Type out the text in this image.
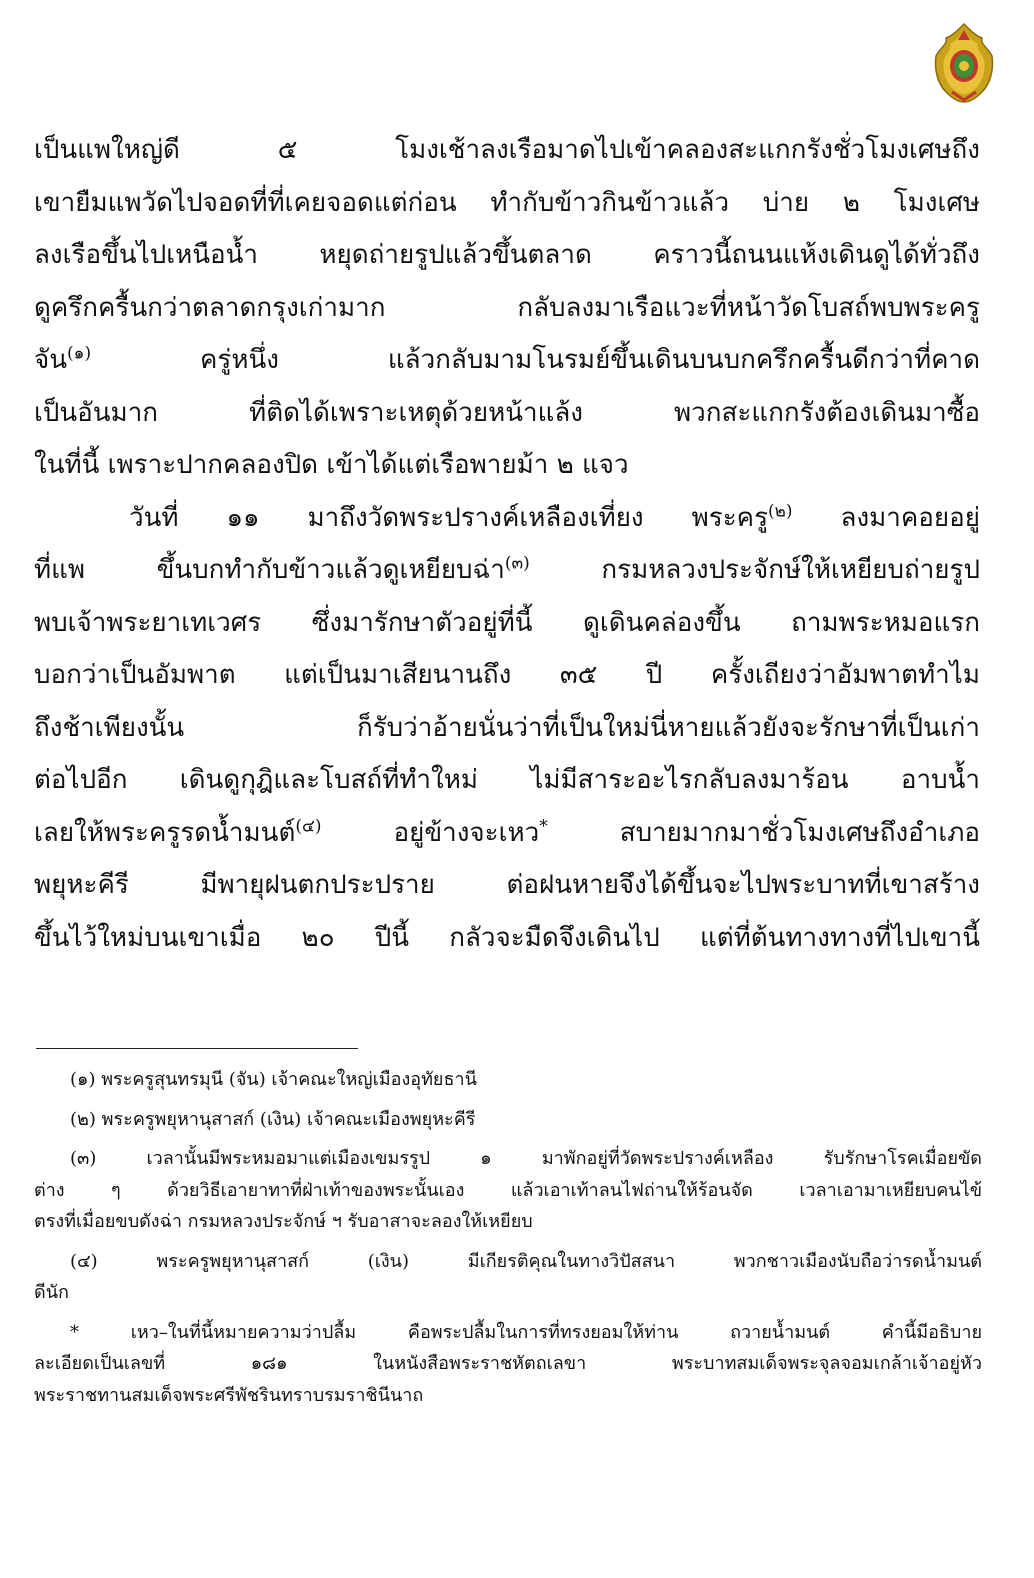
เป็นแพใหญ่ดี ๕ โมงเช้าลงเรือมาดไปเข้าคลองสะแกกรังชั่วโมงเศษถึง
เขายืมแพวัดไปจอดที่ที่เคยจอดแต่ก่อน ทำกับข้าวกินข้าวแล้ว บ่าย ๒ โมงเศษ
ลงเรือขึ้นไปเหนือน้ำ หยุดถ่ายรูปแล้วขึ้นตลาด คราวนี้ถนนแห้งเดินดูได้ทั่วถึง
ดูครึกครื้นกว่าตลาดกรุงเก่ามาก กลับลงมาเรือแวะที่หน้าวัดโบสถ์พบพระครู
จัน$^{(๑)}$ ครู่หนึ่ง แล้วกลับมามโนรมย์ขึ้นเดินบนบกครึกครื้นดีกว่าที่คาด
เป็นอันมาก ที่ติดได้เพราะเหตุด้วยหน้าแล้ง พวกสะแกกรังต้องเดินมาซื้อ
ในที่นี้ เพราะปากคลองปิด เข้าได้แต่เรือพายม้า ๒ แจว
วันที่ ๑๑ มาถึงวัดพระปรางค์เหลืองเที่ยง พระครู$^{(๒)}$ ลงมาคอยอยู่
ที่แพ ขึ้นบกทำกับข้าวแล้วดูเหยียบฉ่า$^{(๓)}$ กรมหลวงประจักษ์ให้เหยียบถ่ายรูป
พบเจ้าพระยาเทเวศร ซึ่งมารักษาตัวอยู่ที่นี้ ดูเดินคล่องขึ้น ถามพระหมอแรก
บอกว่าเป็นอัมพาต แต่เป็นมาเสียนานถึง ๓๕ ปี ครั้งเถียงว่าอัมพาตทำไม
ถึงช้าเพียงนั้น ก็รับว่าอ้ายนั่นว่าที่เป็นใหม่นี่หายแล้วยังจะรักษาที่เป็นเก่า
ต่อไปอีก เดินดูกุฎิและโบสถ์ที่ทำใหม่ ไม่มีสาระอะไรกลับลงมาร้อน อาบน้ำ
เลยให้พระครูรดน้ำมนต์$^{(๔)}$ อยู่ข้างจะเหว* สบายมากมาชั่วโมงเศษถึงอำเภอ
พยุหะคีรี มีพายุฝนตกประปราย ต่อฝนหายจึงได้ขึ้นจะไปพระบาทที่เขาสร้าง
ขึ้นไว้ใหม่บนเขาเมื่อ ๒๐ ปีนี้ กลัวจะมืดจึงเดินไป แต่ที่ต้นทางทางที่ไปเขานี้
(๑) พระครูสุนทรมุนี (จัน) เจ้าคณะใหญ่เมืองอุทัยธานี
(๒) พระครูพยุหานุสาสก์ (เงิน) เจ้าคณะเมืองพยุหะคีรี
(๓) เวลานั้นมีพระหมอมาแต่เมืองเขมรรูป ๑ มาพักอยู่ที่วัดพระปรางค์เหลือง รับรักษาโรคเมื่อยขัด
ต่าง ๆ ด้วยวิธีเอายาทาที่ฝ่าเท้าของพระนั้นเอง แล้วเอาเท้าลนไฟถ่านให้ร้อนจัด เวลาเอามาเหยียบคนไข้
ตรงที่เมื่อยขบดังฉ่า กรมหลวงประจักษ์ ฯ รับอาสาจะลองให้เหยียบ
(๔) พระครูพยุหานุสาสก์ (เงิน) มีเกียรติคุณในทางวิปัสสนา พวกชาวเมืองนับถือว่ารดน้ำมนต์
ดีนัก
* เหว–ในที่นี้หมายความว่าปลื้ม คือพระปลื้มในการที่ทรงยอมให้ท่าน ถวายน้ำมนต์ คำนี้มีอธิบาย
ละเอียดเป็นเลขที่ ๑๘๑ ในหนังสือพระราชหัตถเลขา พระบาทสมเด็จพระจุลจอมเกล้าเจ้าอยู่หัว
พระราชทานสมเด็จพระศรีพัชรินทราบรมราชินีนาถ
